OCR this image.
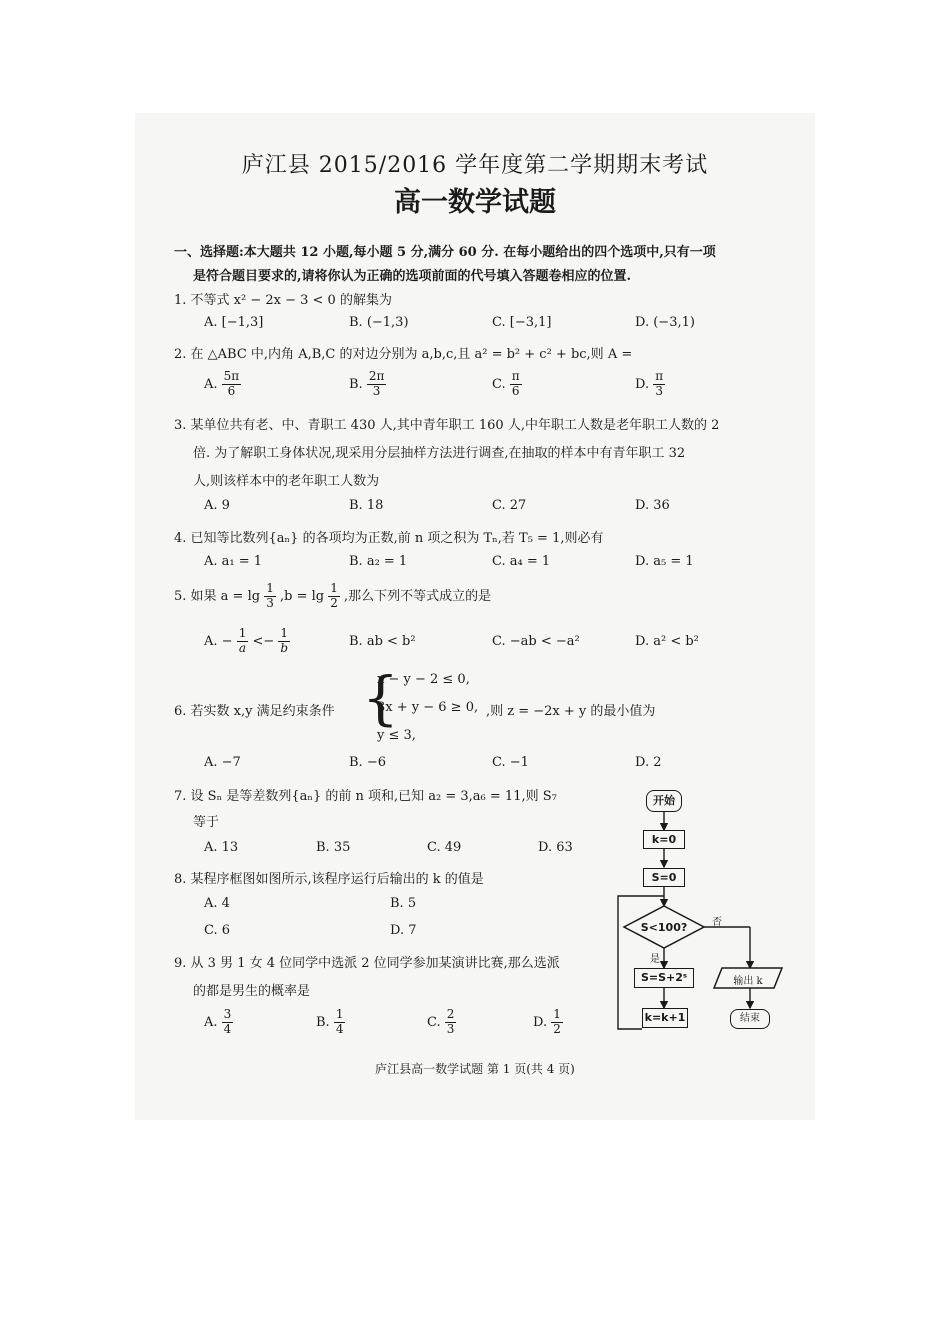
庐江县 2015/2016 学年度第二学期期末考试
高一数学试题
一、选择题:本大题共 12 小题,每小题 5 分,满分 60 分. 在每小题给出的四个选项中,只有一项
是符合题目要求的,请将你认为正确的选项前面的代号填入答题卷相应的位置.
1. 不等式 x² − 2x − 3 < 0 的解集为
A. [−1,3]	B. (−1,3)	C. [−3,1]	D. (−3,1)
2. 在 △ABC 中,内角 A,B,C 的对边分别为 a,b,c,且 a² = b² + c² + bc,则 A =
A. $\frac{5\pi}{6}$	B. $\frac{2\pi}{3}$	C. $\frac{\pi}{6}$	D. $\frac{\pi}{3}$
3. 某单位共有老、中、青职工 430 人,其中青年职工 160 人,中年职工人数是老年职工人数的 2
倍. 为了解职工身体状况,现采用分层抽样方法进行调查,在抽取的样本中有青年职工 32
人,则该样本中的老年职工人数为
A. 9	B. 18	C. 27	D. 36
4. 已知等比数列{aₙ} 的各项均为正数,前 n 项之积为 Tₙ,若 T₅ = 1,则必有
A. a₁ = 1	B. a₂ = 1	C. a₄ = 1	D. a₅ = 1
5. 如果 $a = \lg \frac{1}{3} ,b = \lg \frac{1}{2}$ ,那么下列不等式成立的是
A. − $\frac{1}{a} <- \frac{1}{b}$	B. ab < b²	C. −ab < −a²	D. a² < b²
6. 若实数 x,y 满足约束条件 {
x − y − 2 ≤ 0,
3x + y − 6 ≥ 0,
y ≤ 3,
,则 z = −2x + y 的最小值为
A. −7	B. −6	C. −1	D. 2
7. 设 Sₙ 是等差数列{aₙ} 的前 n 项和,已知 a₂ = 3,a₆ = 11,则 S₇
等于
A. 13	B. 35	C. 49	D. 63
8. 某程序框图如图所示,该程序运行后输出的 k 的值是
A. 4	B. 5
C. 6	D. 7
9. 从 3 男 1 女 4 位同学中选派 2 位同学参加某演讲比赛,那么选派
的都是男生的概率是
A. $\frac{3}{4}$	B. $\frac{1}{4}$	C. $\frac{2}{3}$	D. $\frac{1}{2}$
开始
k=0
S=0
S<100?	否
是
S=S+2ˢ	输出 k
k=k+1	结束
庐江县高一数学试题 第 1 页(共 4 页)
